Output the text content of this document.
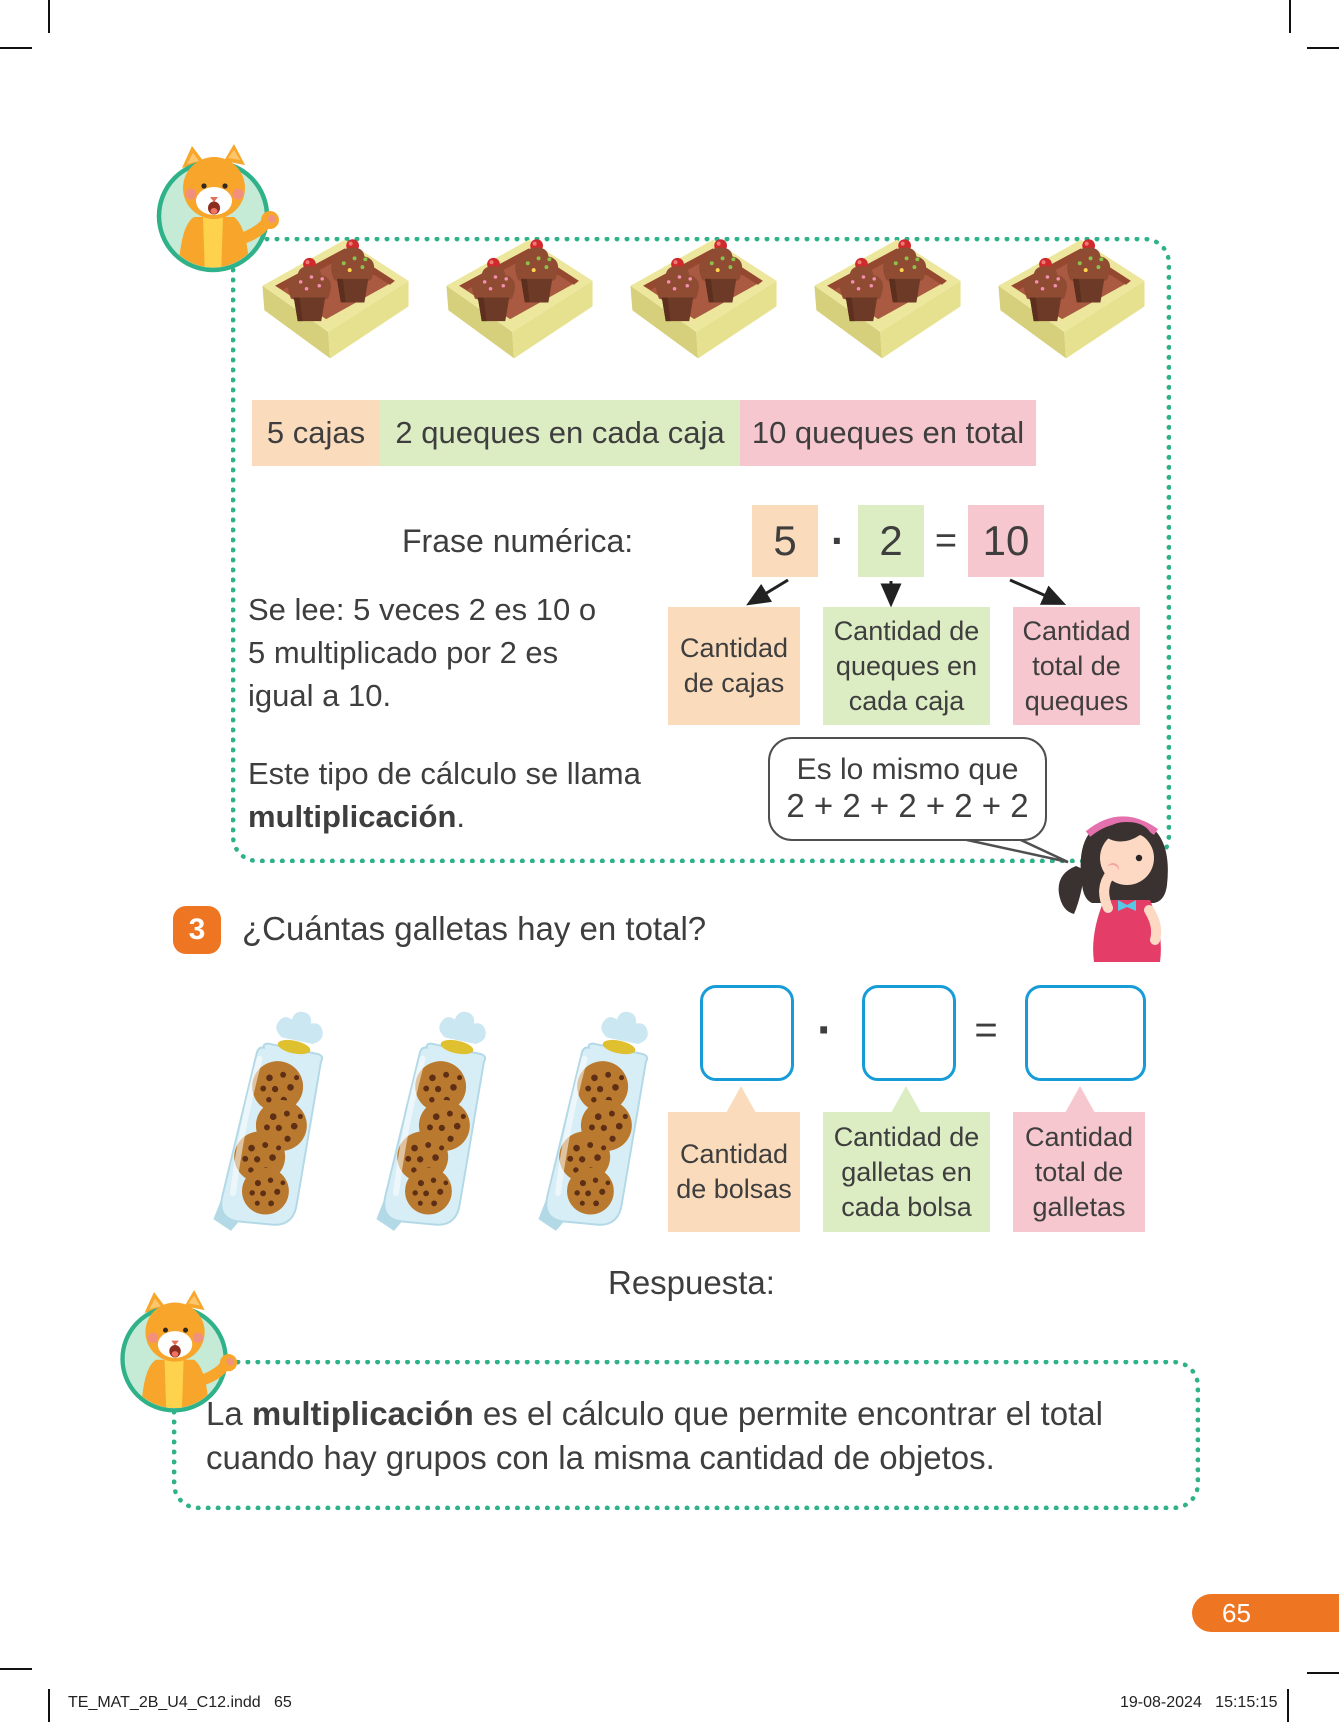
5 cajas 2 queques en cada caja 10 queques en total
Frase numérica:	5 · 2 = 10
Se lee: 5 veces 2 es 10 o
5 multiplicado por 2 es
igual a 10.
Cantidad de cajas
Cantidad de queques en cada caja
Cantidad total de queques
Este tipo de cálculo se llama
multiplicación.
Es lo mismo que
2 + 2 + 2 + 2 + 2
3	¿Cuántas galletas hay en total?
·	=
Cantidad de bolsas
Cantidad de galletas en cada bolsa
Cantidad total de galletas
Respuesta:
La multiplicación es el cálculo que permite encontrar el total
cuando hay grupos con la misma cantidad de objetos.
65
TE_MAT_2B_U4_C12.indd   65	19-08-2024   15:15:15
